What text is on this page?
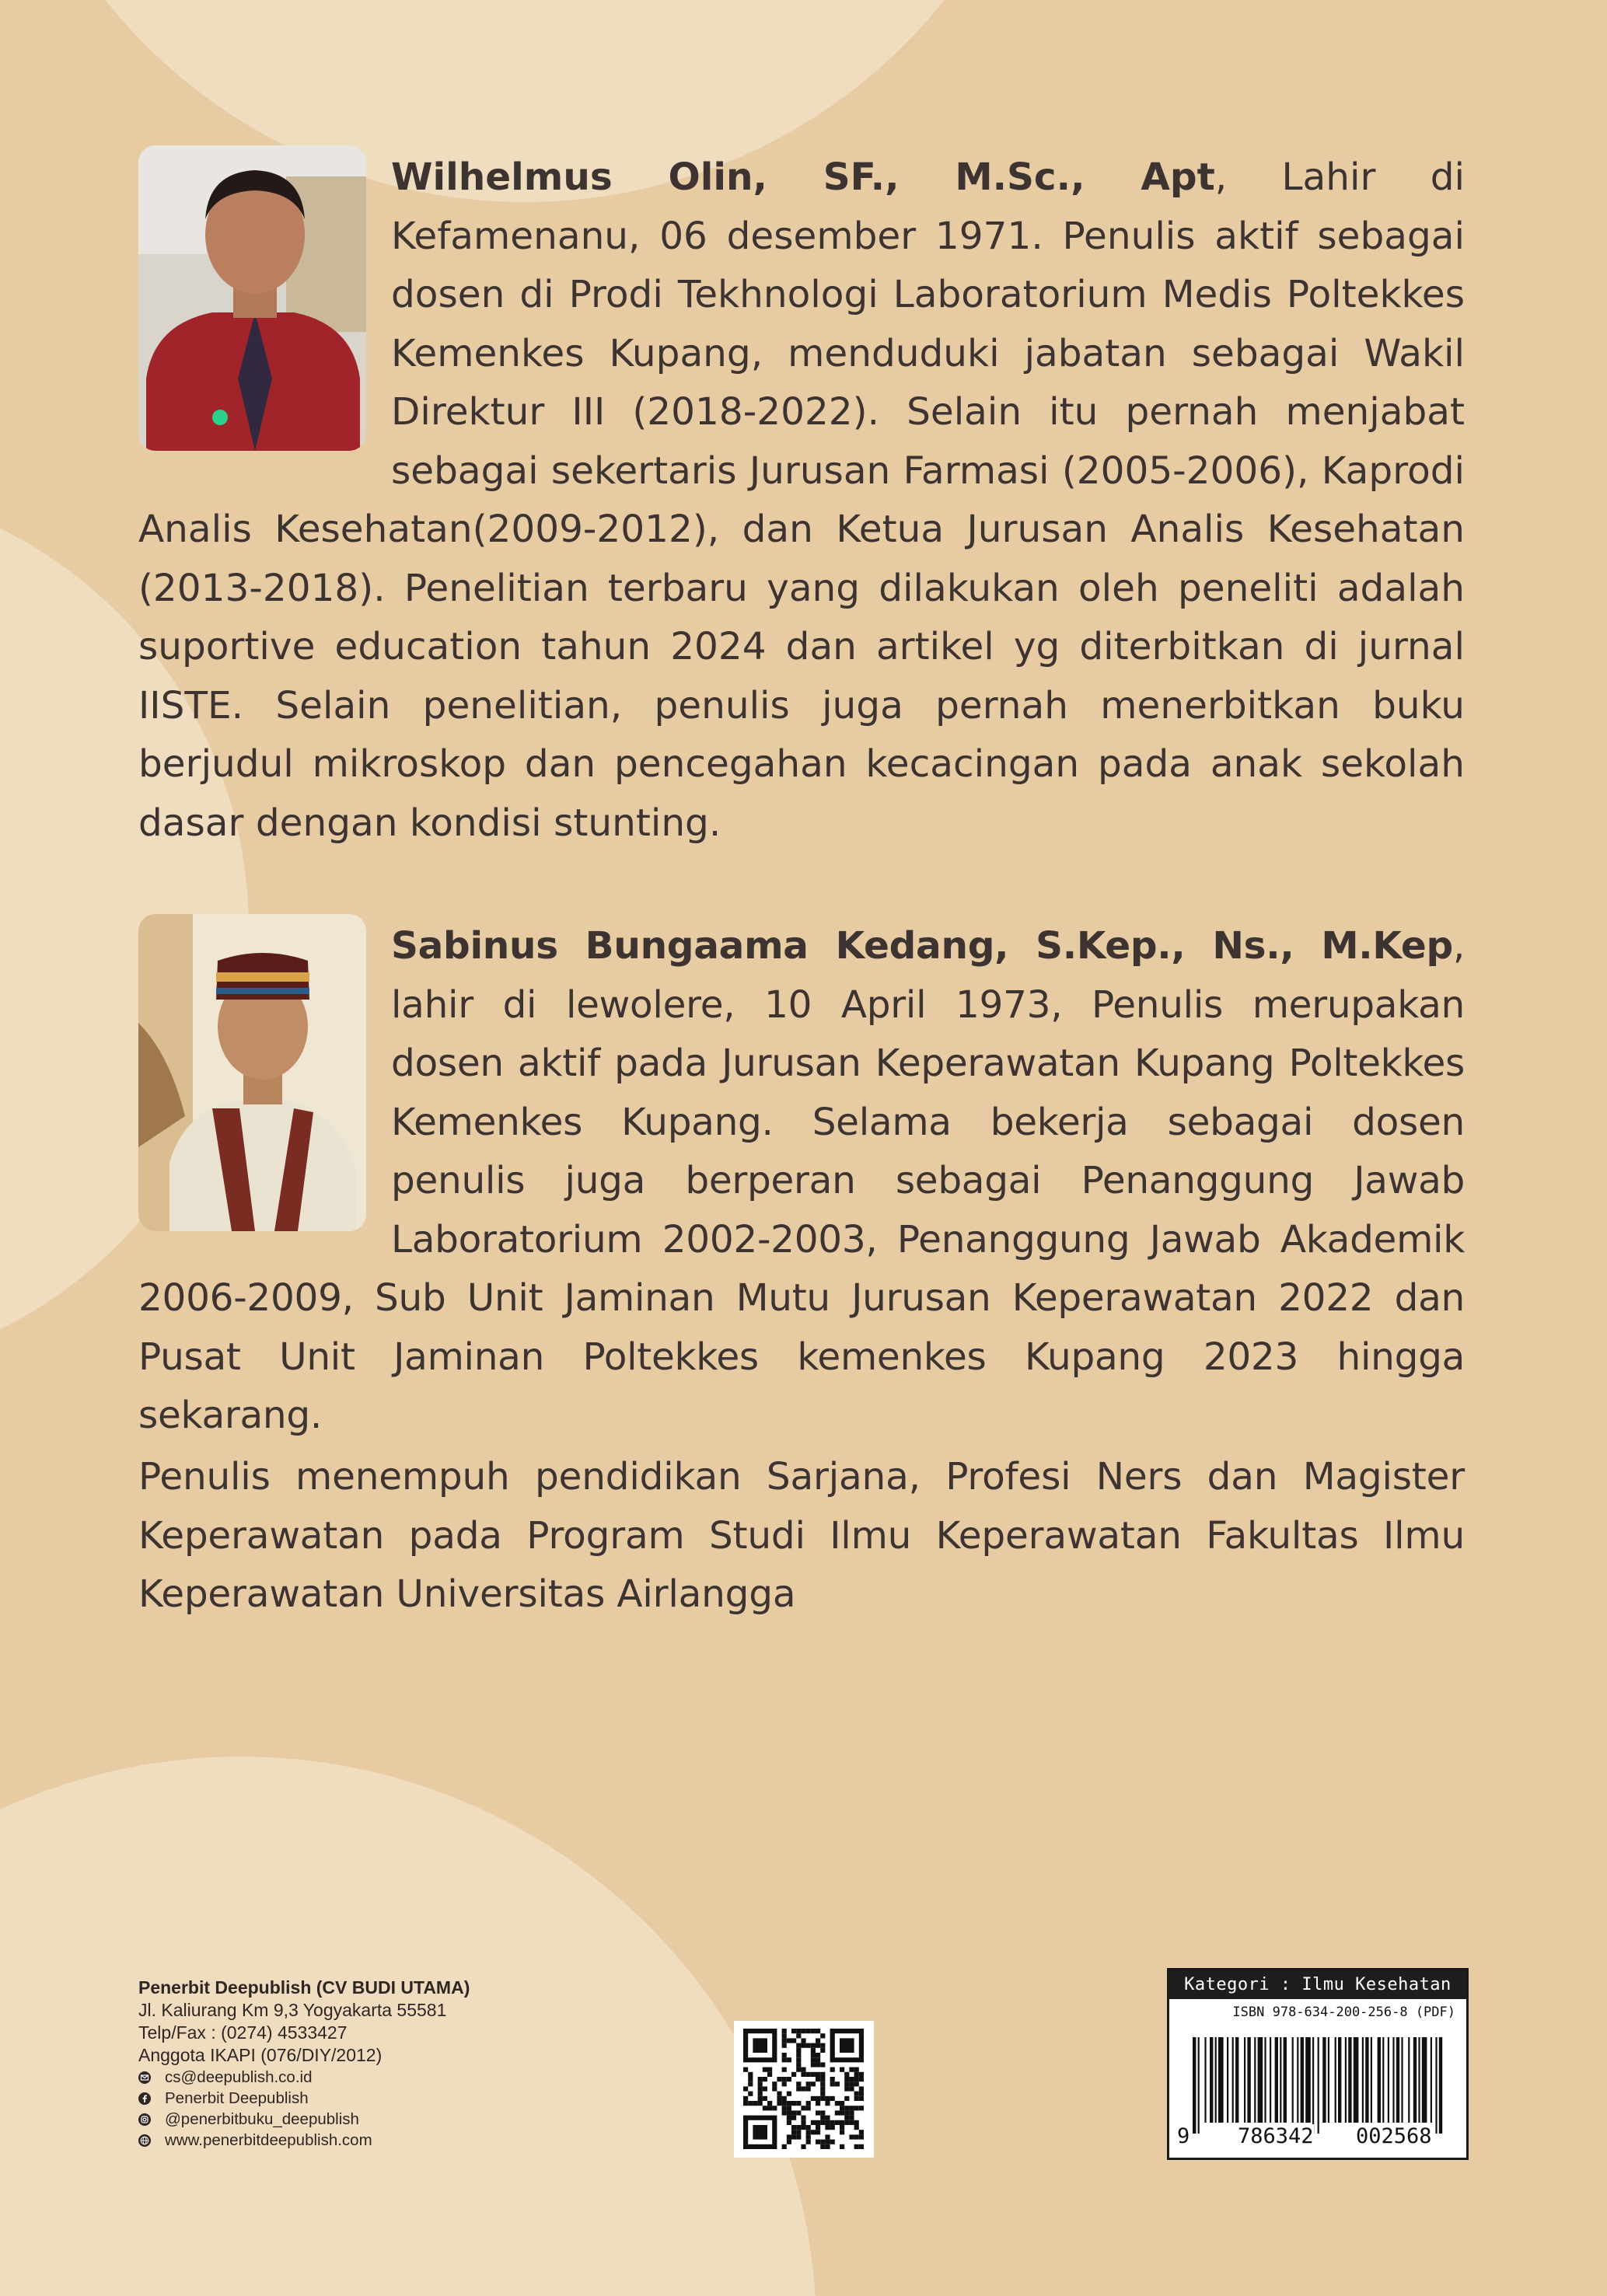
Wilhelmus Olin, SF., M.Sc., Apt, Lahir di Kefamenanu, 06 desember 1971. Penulis aktif sebagai dosen di Prodi Tekhnologi Laboratorium Medis Poltekkes Kemenkes Kupang, menduduki jabatan sebagai Wakil Direktur III (2018-2022). Selain itu pernah menjabat sebagai sekertaris Jurusan Farmasi (2005-2006), Kaprodi Analis Kesehatan(2009-2012), dan Ketua Jurusan Analis Kesehatan (2013-2018). Penelitian terbaru yang dilakukan oleh peneliti adalah suportive education tahun 2024 dan artikel yg diterbitkan di jurnal IISTE. Selain penelitian, penulis juga pernah menerbitkan buku berjudul mikroskop dan pencegahan kecacingan pada anak sekolah dasar dengan kondisi stunting.
Sabinus Bungaama Kedang, S.Kep., Ns., M.Kep, lahir di lewolere, 10 April 1973, Penulis merupakan dosen aktif pada Jurusan Keperawatan Kupang Poltekkes Kemenkes Kupang. Selama bekerja sebagai dosen penulis juga berperan sebagai Penanggung Jawab Laboratorium 2002-2003, Penanggung Jawab Akademik 2006-2009, Sub Unit Jaminan Mutu Jurusan Keperawatan 2022 dan Pusat Unit Jaminan Poltekkes kemenkes Kupang 2023 hingga sekarang.
Penulis menempuh pendidikan Sarjana, Profesi Ners dan Magister Keperawatan pada Program Studi Ilmu Keperawatan Fakultas Ilmu Keperawatan Universitas Airlangga
Penerbit Deepublish (CV BUDI UTAMA)
Jl. Kaliurang Km 9,3 Yogyakarta 55581
Telp/Fax : (0274) 4533427
Anggota IKAPI (076/DIY/2012)
cs@deepublish.co.id
Penerbit Deepublish
@penerbitbuku_deepublish
www.penerbitdeepublish.com
Kategori : Ilmu Kesehatan
ISBN 978-634-200-256-8 (PDF)
9 786342 002568
